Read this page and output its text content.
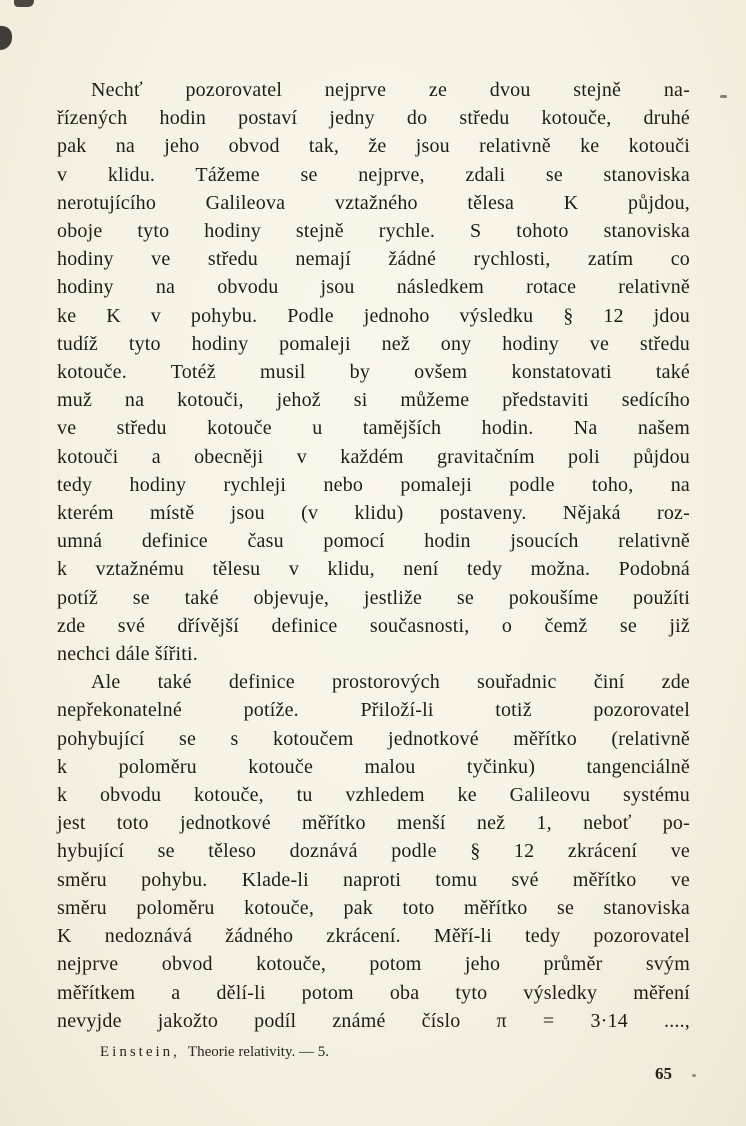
Nechť pozorovatel nejprve ze dvou stejně na-
řízených hodin postaví jedny do středu kotouče, druhé
pak na jeho obvod tak, že jsou relativně ke kotouči
v klidu. Tážeme se nejprve, zdali se stanoviska
nerotujícího Galileova vztažného tělesa K půjdou,
oboje tyto hodiny stejně rychle. S tohoto stanoviska
hodiny ve středu nemají žádné rychlosti, zatím co
hodiny na obvodu jsou následkem rotace relativně
ke K v pohybu. Podle jednoho výsledku § 12 jdou
tudíž tyto hodiny pomaleji než ony hodiny ve středu
kotouče. Totéž musil by ovšem konstatovati také
muž na kotouči, jehož si můžeme představiti sedícího
ve středu kotouče u tamějších hodin. Na našem
kotouči a obecněji v každém gravitačním poli půjdou
tedy hodiny rychleji nebo pomaleji podle toho, na
kterém místě jsou (v klidu) postaveny. Nějaká roz-
umná definice času pomocí hodin jsoucích relativně
k vztažnému tělesu v klidu, není tedy možna. Podobná
potíž se také objevuje, jestliže se pokoušíme použíti
zde své dřívější definice současnosti, o čemž se již
nechci dále šířiti.
Ale také definice prostorových souřadnic činí zde
nepřekonatelné potíže. Přiloží-li totiž pozorovatel
pohybující se s kotoučem jednotkové měřítko (relativně
k poloměru kotouče malou tyčinku) tangenciálně
k obvodu kotouče, tu vzhledem ke Galileovu systému
jest toto jednotkové měřítko menší než 1, neboť po-
hybující se těleso doznává podle § 12 zkrácení ve
směru pohybu. Klade-li naproti tomu své měřítko ve
směru poloměru kotouče, pak toto měřítko se stanoviska
K nedoznává žádného zkrácení. Měří-li tedy pozorovatel
nejprve obvod kotouče, potom jeho průměr svým
měřítkem a dělí-li potom oba tyto výsledky měření
nevyjde jakožto podíl známé číslo π = 3·14 ....,
Einstein, Theorie relativity. — 5.
65
